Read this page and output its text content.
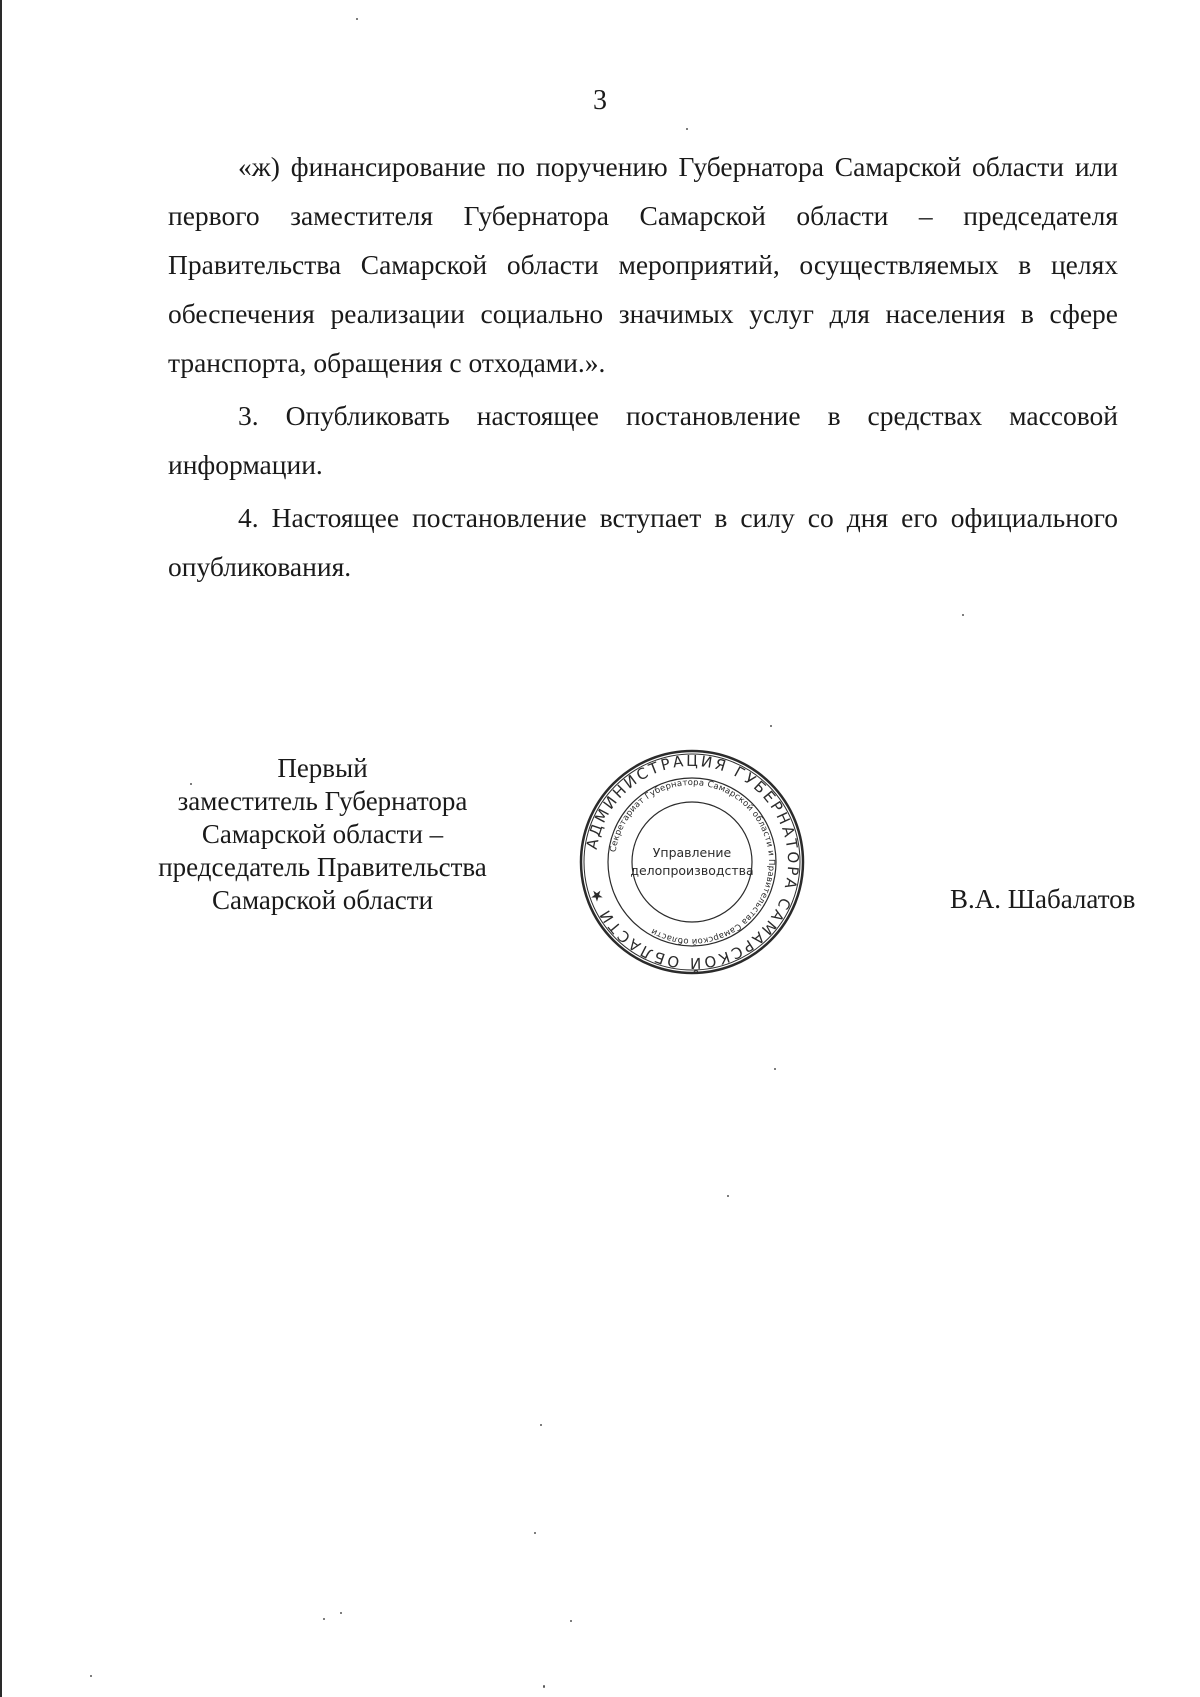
3

«ж) финансирование по поручению Губернатора Самарской области или первого заместителя Губернатора Самарской области – председателя Правительства Самарской области мероприятий, осуществляемых в целях обеспечения реализации социально значимых услуг для населения в сфере транспорта, обращения с отходами.».

3. Опубликовать настоящее постановление в средствах массовой информации.

4. Настоящее постановление вступает в силу со дня его официального опубликования.

Первый
заместитель Губернатора
Самарской области –
председатель Правительства
Самарской области
АДМИНИСТРАЦИЯ ГУБЕРНАТОРА САМАРСКОЙ ОБЛАСТИ ★
Секретариат Губернатора Самарской области и Правительства Самарской области
Управление
делопроизводства
В.А. Шабалатов
